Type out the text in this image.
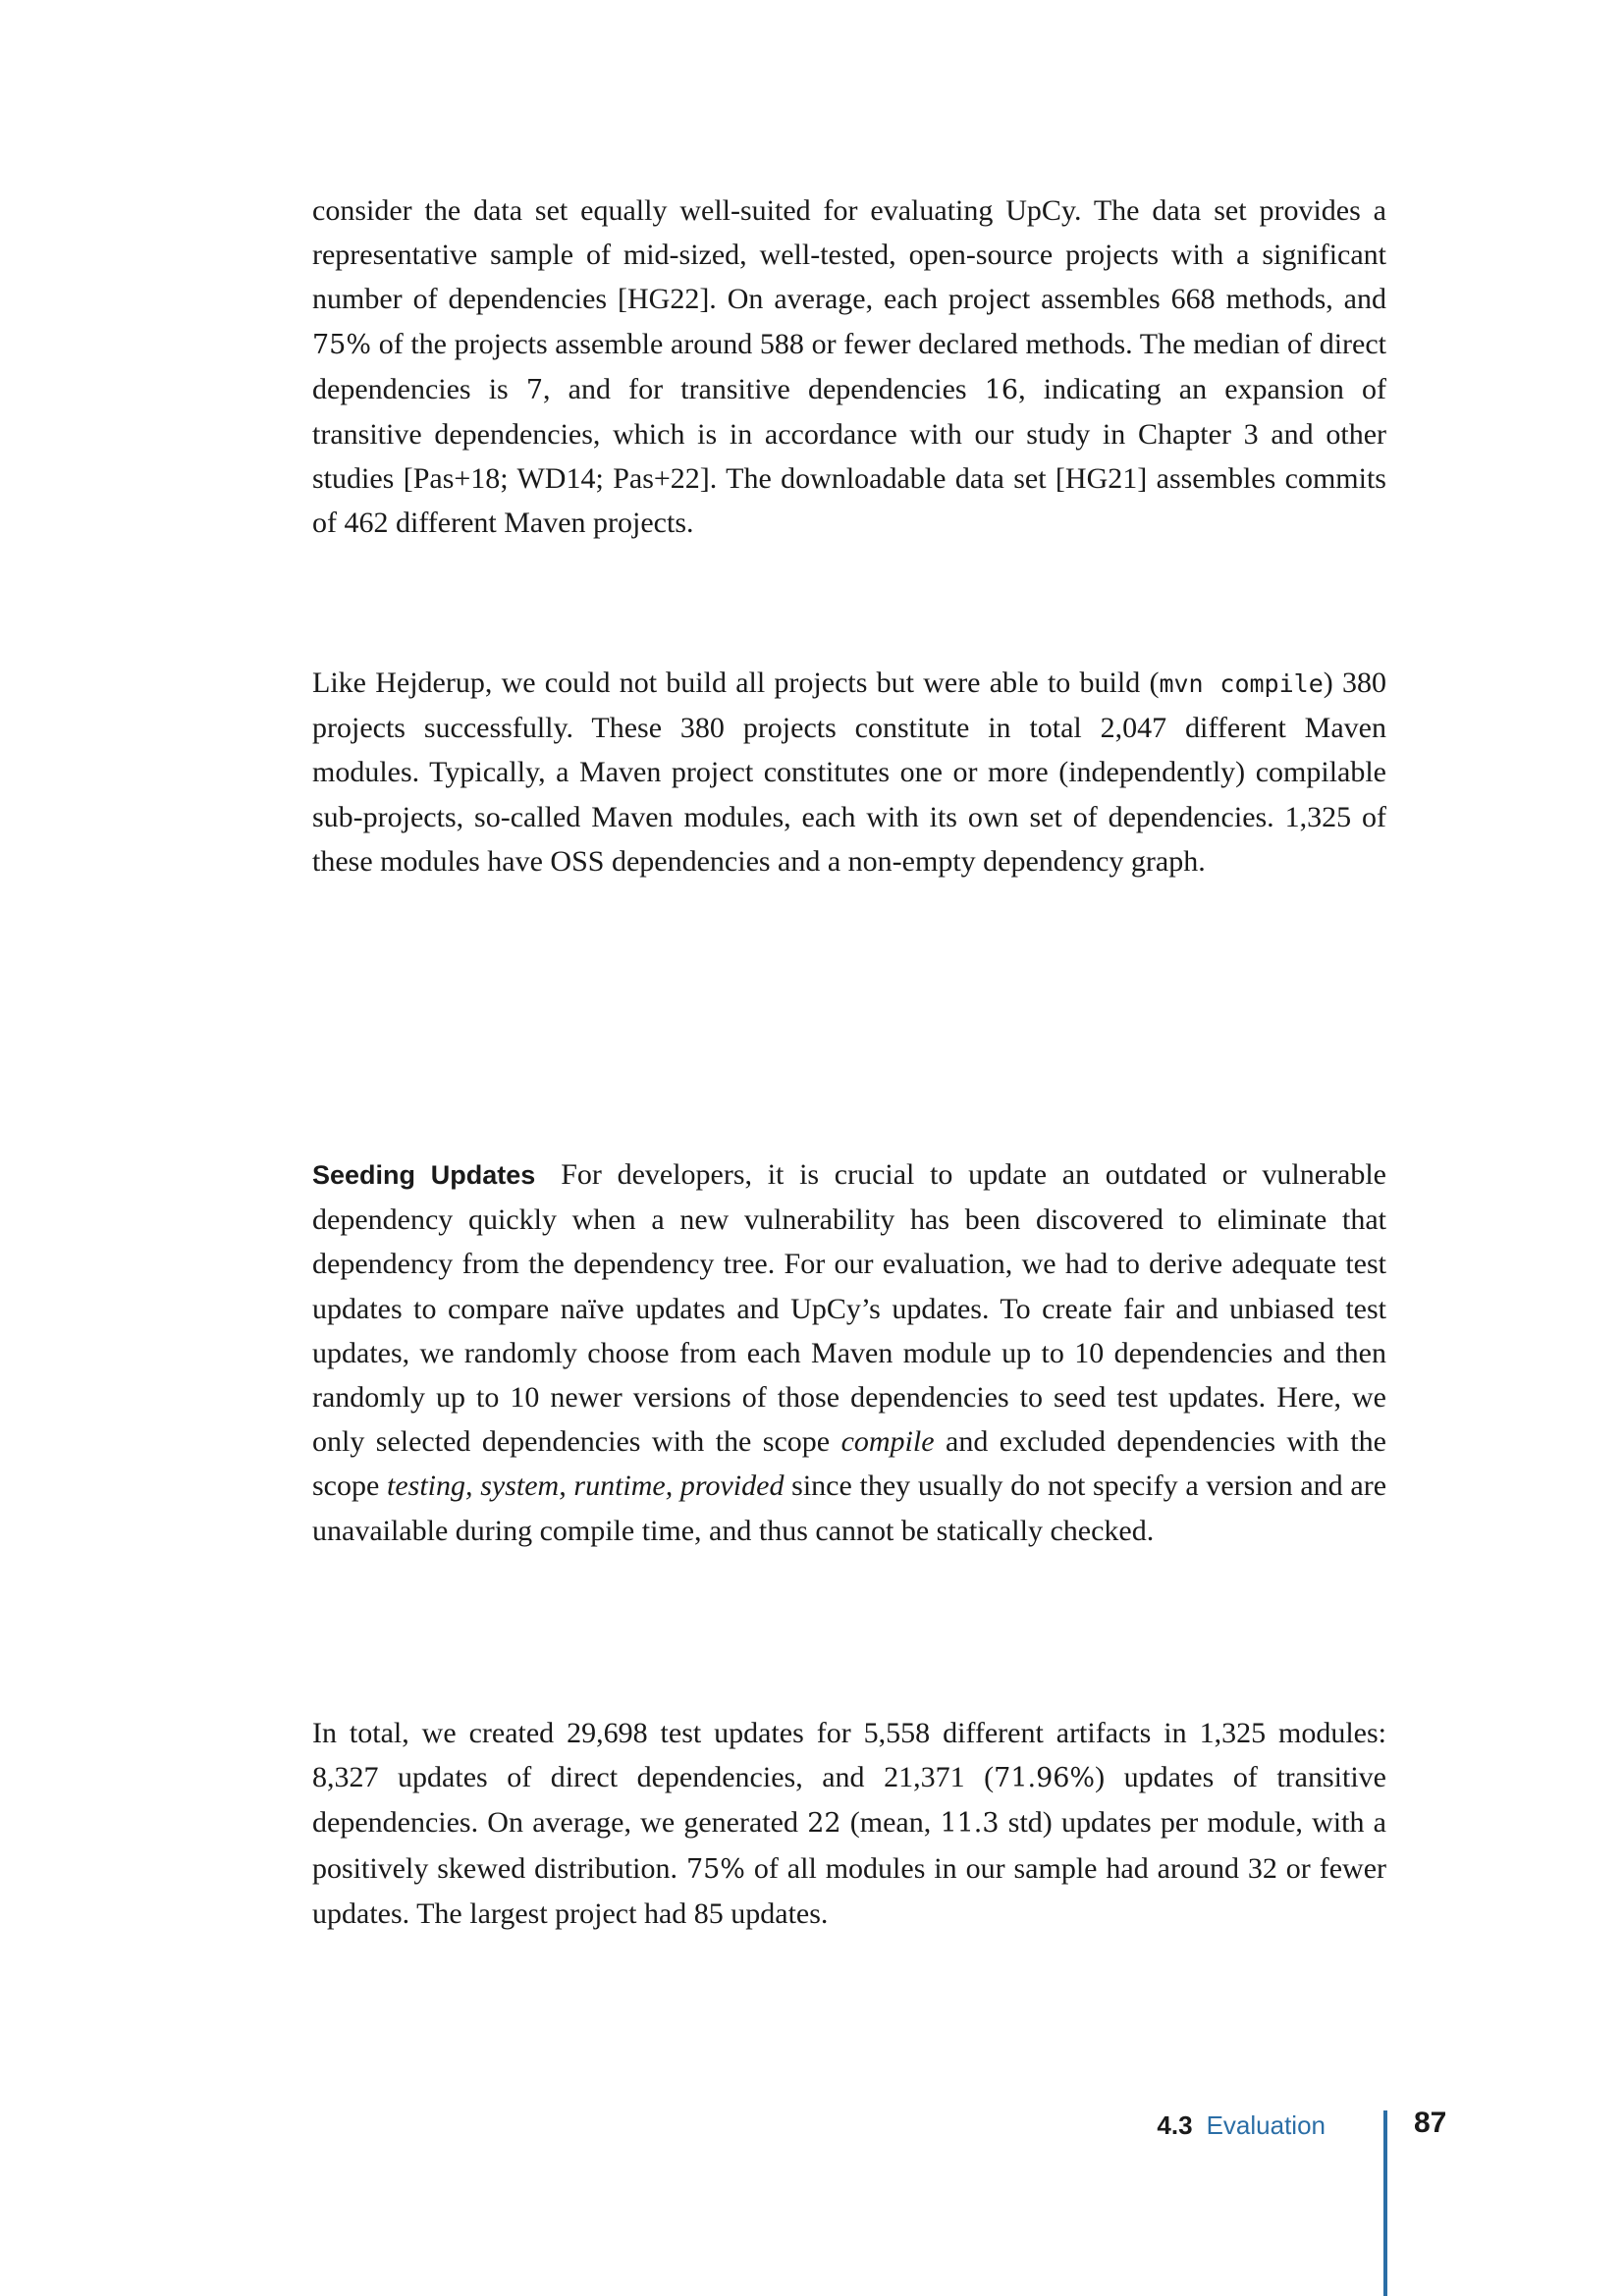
consider the data set equally well-suited for evaluating UpCy. The data set provides a representative sample of mid-sized, well-tested, open-source projects with a significant number of dependencies [HG22]. On average, each project assembles 668 methods, and 75% of the projects assemble around 588 or fewer declared methods. The median of direct dependencies is 7, and for transitive dependencies 16, indicating an expansion of transitive dependencies, which is in accordance with our study in Chapter 3 and other studies [Pas+18; WD14; Pas+22]. The downloadable data set [HG21] assembles commits of 462 different Maven projects.

Like Hejderup, we could not build all projects but were able to build (mvn compile) 380 projects successfully. These 380 projects constitute in total 2,047 different Maven modules. Typically, a Maven project constitutes one or more (independently) compilable sub-projects, so-called Maven modules, each with its own set of dependencies. 1,325 of these modules have OSS dependencies and a non-empty dependency graph.

Seeding Updates For developers, it is crucial to update an outdated or vulnerable dependency quickly when a new vulnerability has been discovered to eliminate that dependency from the dependency tree. For our evaluation, we had to derive adequate test updates to compare naïve updates and UpCy’s updates. To create fair and unbiased test updates, we randomly choose from each Maven module up to 10 dependencies and then randomly up to 10 newer versions of those dependencies to seed test updates. Here, we only selected dependencies with the scope compile and excluded dependencies with the scope testing, system, runtime, provided since they usually do not specify a version and are unavailable during compile time, and thus cannot be statically checked.

In total, we created 29,698 test updates for 5,558 different artifacts in 1,325 modules: 8,327 updates of direct dependencies, and 21,371 (71.96%) updates of transitive dependencies. On average, we generated 22 (mean, 11.3 std) updates per module, with a positively skewed distribution. 75% of all modules in our sample had around 32 or fewer updates. The largest project had 85 updates.

4.3 Evaluation	87
